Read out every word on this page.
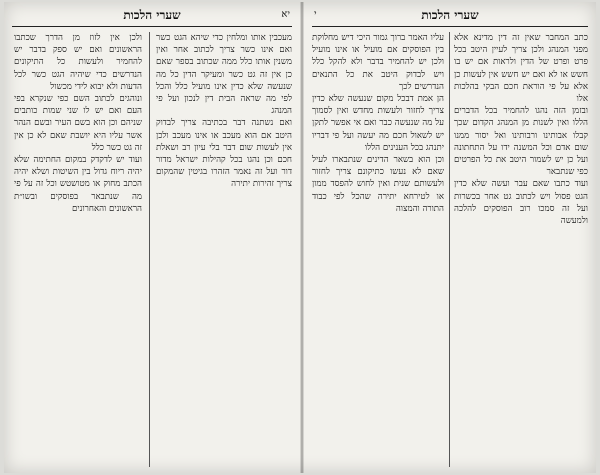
שערי הלכות	יא

מעכבין אותו ומלחין כדי שיהא הגט כשר ואם אינו כשר צריך לכתוב אחר ואין משנין אותו כלל ממה שכתוב בספר שאם כן אין זה גט כשר ומעיקר הדין כל מה שנעשה שלא כדין אינו מועיל כלל והכל לפי מה שראה הבית דין לנכון ועל פי המנהג

ואם נשתנה דבר בכתיבה צריך לבדוק היטב אם הוא מעכב או אינו מעכב ולכן אין לעשות שום דבר בלי עיון רב ושאלת חכם וכן נהגו בכל קהילות ישראל מדור דור ועל זה נאמר הזהרו בגיטין שהמקום צריך זהירות יתירה

ולכן אין לזוז מן הדרך שכתבו הראשונים ואם יש ספק בדבר יש להחמיר ולעשות כל התיקונים הנדרשים כדי שיהיה הגט כשר לכל הדעות ולא יבוא לידי מכשול

ונוהגים לכתוב השם כפי שנקרא בפי העם ואם יש לו שני שמות כותבים שניהם וכן הוא בשם העיר ובשם הנהר אשר עליו היא יושבת שאם לא כן אין זה גט כשר כלל

ועוד יש לדקדק במקום החתימה שלא יהיה ריוח גדול בין השיטות ושלא יהיה הכתב מחוק או מטושטש וכל זה על פי מה שנתבאר בפוסקים ובשו״ת הראשונים והאחרונים

שערי הלכות
י

כתב המחבר שאין זה דין מדינא אלא מפני המנהג ולכן צריך לעיין היטב בכל פרט ופרט של הדין ולראות אם יש בו חשש או לא ואם יש חשש אין לעשות כן אלא על פי הוראת חכם הבקי בהלכות אלו

ובזמן הזה נהגו להחמיר בכל הדברים הללו ואין לשנות מן המנהג הקדום שכך קבלו אבותינו ורבותינו ואל יסור ממנו שום אדם וכל המשנה ידו על התחתונה ועל כן יש לשמור היטב את כל הפרטים כפי שנתבאר

ועוד כתבו שאם עבר ועשה שלא כדין הגט פסול ויש לכתוב גט אחר בכשרות ועל זה סמכו רוב הפוסקים להלכה ולמעשה

עליו האמר ברוך גמור היכי דיש מחלוקת בין הפוסקים אם מועיל או אינו מועיל ולכן יש להחמיר בדבר ולא להקל כלל ויש לבדוק היטב את כל התנאים הנדרשים לכך

הן אמת דבכל מקום שנעשה שלא כדין צריך לחזור ולעשות מחדש ואין לסמוך על מה שנעשה כבר ואם אי אפשר לתקן יש לשאול חכם מה יעשה ועל פי דבריו יתנהג בכל הענינים הללו

וכן הוא בשאר הדינים שנתבארו לעיל שאם לא נעשו כתיקונם צריך לחזור ולעשותם שנית ואין לחוש להפסד ממון או לטירחא יתירה שהכל לפי כבוד התורה והמצוה
